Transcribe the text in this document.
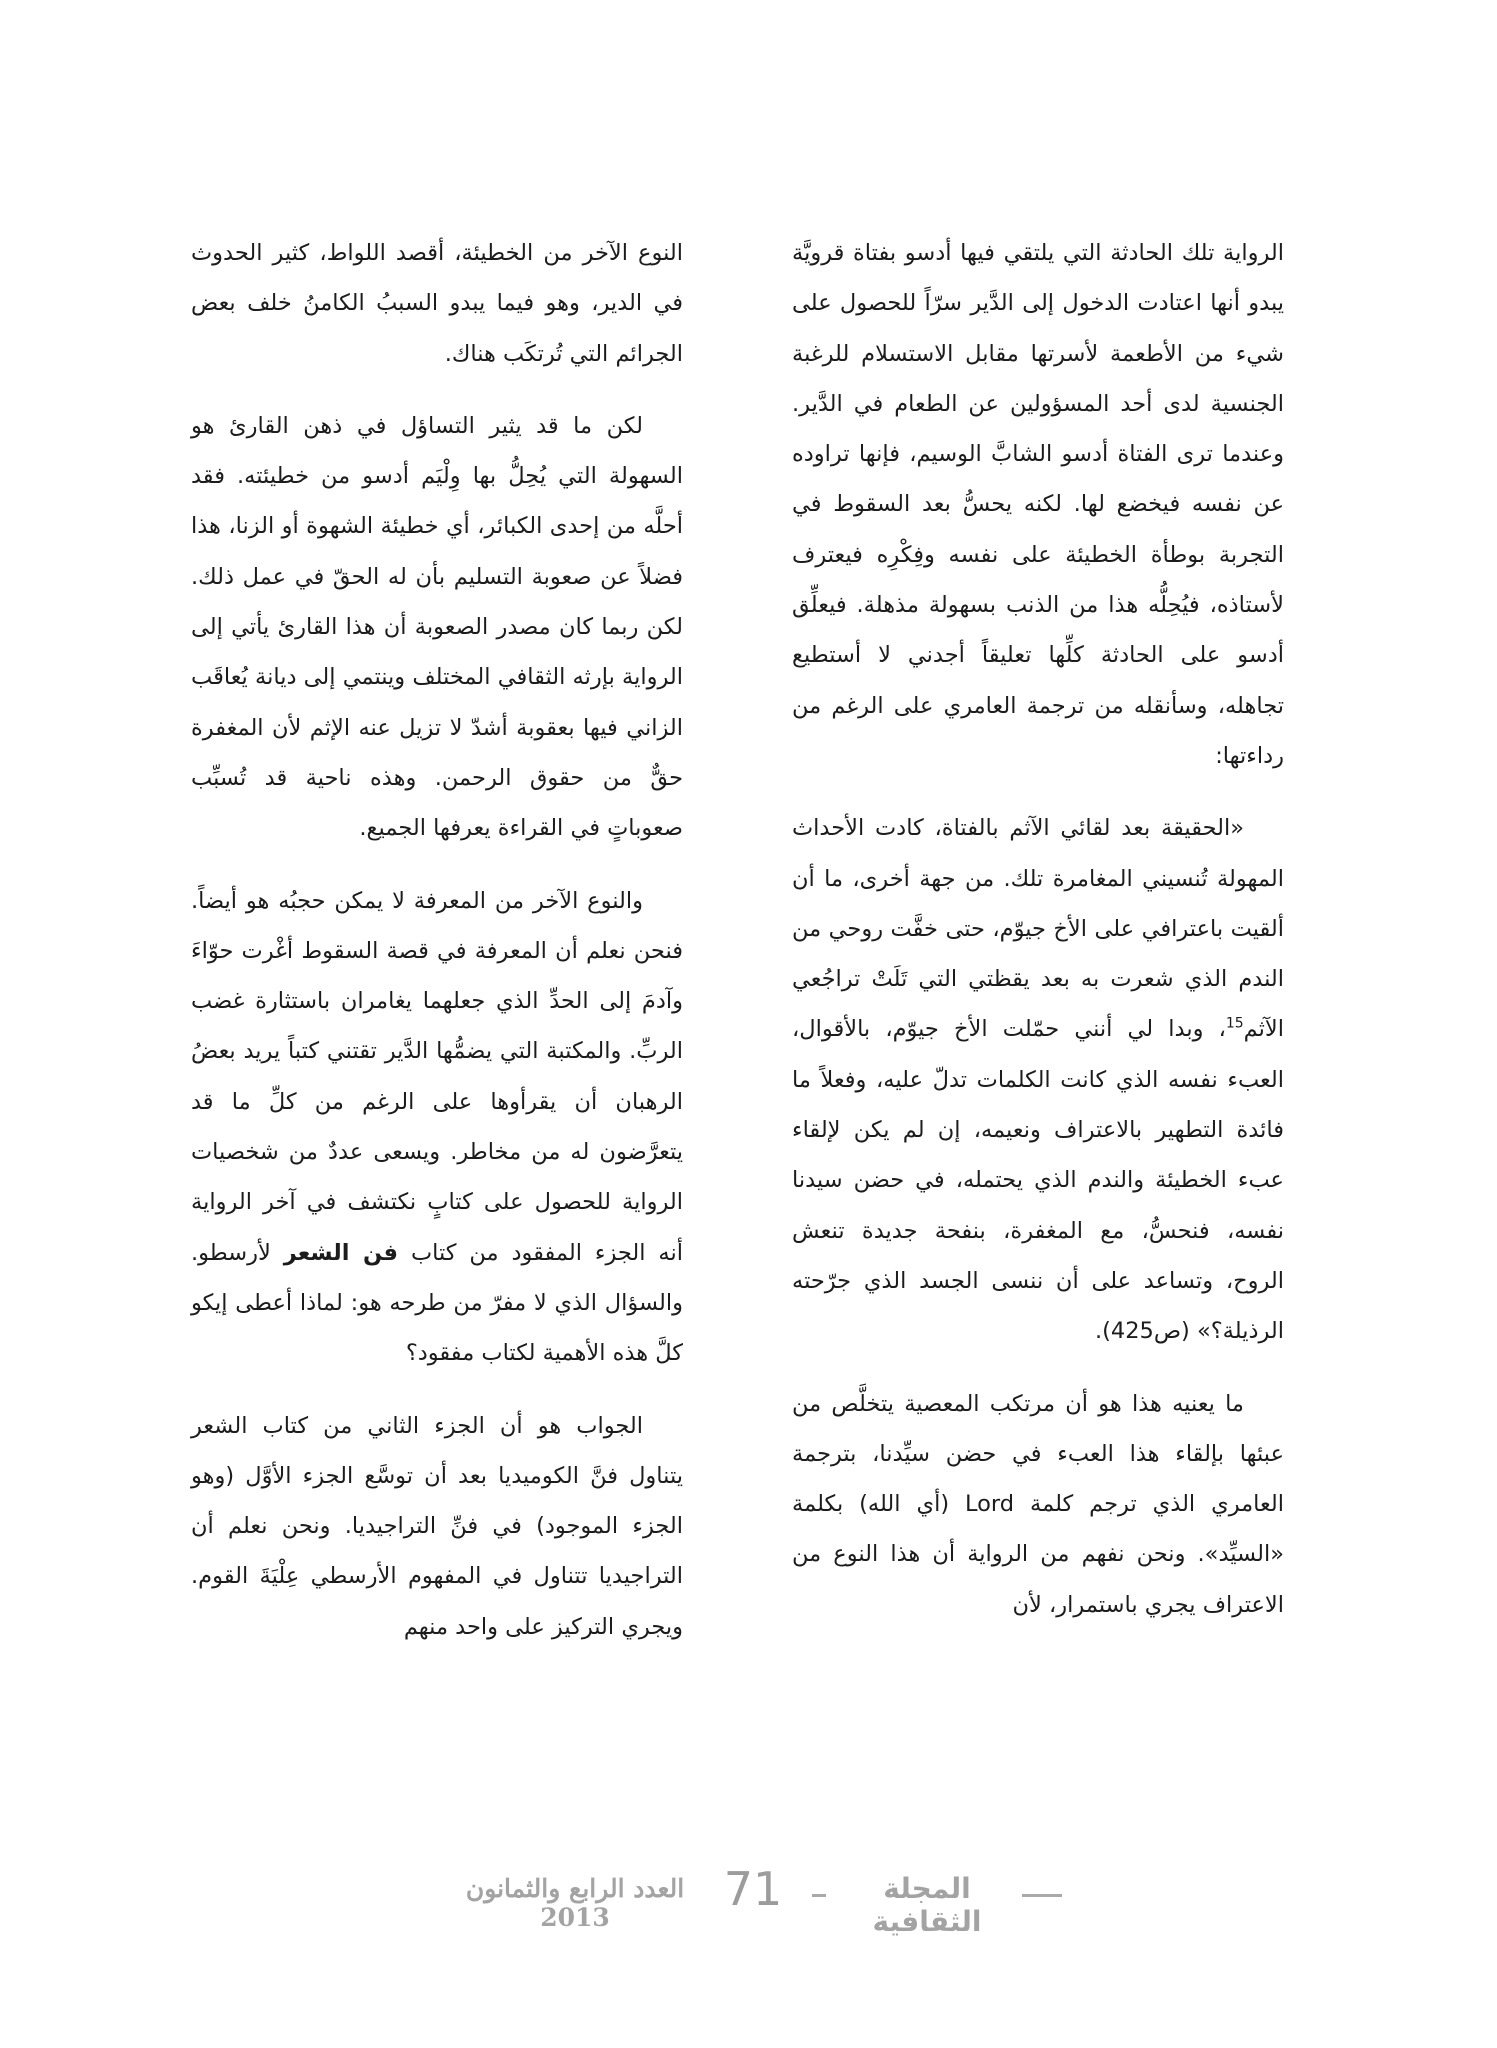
الرواية تلك الحادثة التي يلتقي فيها أدسو بفتاة قرويَّة يبدو أنها اعتادت الدخول إلى الدَّير سرّاً للحصول على شيء من الأطعمة لأسرتها مقابل الاستسلام للرغبة الجنسية لدى أحد المسؤولين عن الطعام في الدَّير. وعندما ترى الفتاة أدسو الشابَّ الوسيم، فإنها تراوده عن نفسه فيخضع لها. لكنه يحسُّ بعد السقوط في التجربة بوطأة الخطيئة على نفسه وفِكْرِه فيعترف لأستاذه، فيُحِلُّه هذا من الذنب بسهولة مذهلة. فيعلِّق أدسو على الحادثة كلِّها تعليقاً أجدني لا أستطيع تجاهله، وسأنقله من ترجمة العامري على الرغم من رداءتها:

«الحقيقة بعد لقائي الآثم بالفتاة، كادت الأحداث المهولة تُنسيني المغامرة تلك. من جهة أخرى، ما أن ألقيت باعترافي على الأخ جيوّم، حتى خفَّت روحي من الندم الذي شعرت به بعد يقظتي التي تَلَتْ تراجُعي الآثم$^{15}$، وبدا لي أنني حمّلت الأخ جيوّم، بالأقوال، العبء نفسه الذي كانت الكلمات تدلّ عليه، وفعلاً ما فائدة التطهير بالاعتراف ونعيمه، إن لم يكن لإلقاء عبء الخطيئة والندم الذي يحتمله، في حضن سيدنا نفسه، فنحسُّ، مع المغفرة، بنفحة جديدة تنعش الروح، وتساعد على أن ننسى الجسد الذي جرّحته الرذيلة؟» (ص425).

ما يعنيه هذا هو أن مرتكب المعصية يتخلَّص من عبئها بإلقاء هذا العبء في حضن سيِّدنا، بترجمة العامري الذي ترجم كلمة Lord (أي الله) بكلمة «السيِّد». ونحن نفهم من الرواية أن هذا النوع من الاعتراف يجري باستمرار، لأن

النوع الآخر من الخطيئة، أقصد اللواط، كثير الحدوث في الدير، وهو فيما يبدو السببُ الكامنُ خلف بعض الجرائم التي تُرتكَب هناك.

لكن ما قد يثير التساؤل في ذهن القارئ هو السهولة التي يُحِلُّ بها وِلْيَم أدسو من خطيئته. فقد أحلَّه من إحدى الكبائر، أي خطيئة الشهوة أو الزنا، هذا فضلاً عن صعوبة التسليم بأن له الحقّ في عمل ذلك. لكن ربما كان مصدر الصعوبة أن هذا القارئ يأتي إلى الرواية بإرثه الثقافي المختلف وينتمي إلى ديانة يُعاقَب الزاني فيها بعقوبة أشدّ لا تزيل عنه الإثم لأن المغفرة حقٌّ من حقوق الرحمن. وهذه ناحية قد تُسبِّب صعوباتٍ في القراءة يعرفها الجميع.

والنوع الآخر من المعرفة لا يمكن حجبُه هو أيضاً. فنحن نعلم أن المعرفة في قصة السقوط أغْرت حوّاءَ وآدمَ إلى الحدِّ الذي جعلهما يغامران باستثارة غضب الربِّ. والمكتبة التي يضمُّها الدَّير تقتني كتباً يريد بعضُ الرهبان أن يقرأوها على الرغم من كلِّ ما قد يتعرَّضون له من مخاطر. ويسعى عددٌ من شخصيات الرواية للحصول على كتابٍ نكتشف في آخر الرواية أنه الجزء المفقود من كتاب فن الشعر لأرسطو. والسؤال الذي لا مفرّ من طرحه هو: لماذا أعطى إيكو كلَّ هذه الأهمية لكتاب مفقود؟

الجواب هو أن الجزء الثاني من كتاب الشعر يتناول فنَّ الكوميديا بعد أن توسَّع الجزء الأوَّل (وهو الجزء الموجود) في فنِّ التراجيديا. ونحن نعلم أن التراجيديا تتناول في المفهوم الأرسطي عِلْيَةَ القوم. ويجري التركيز على واحد منهم

المجلة الثقافية
71
العدد الرابع والثمانون 2013
